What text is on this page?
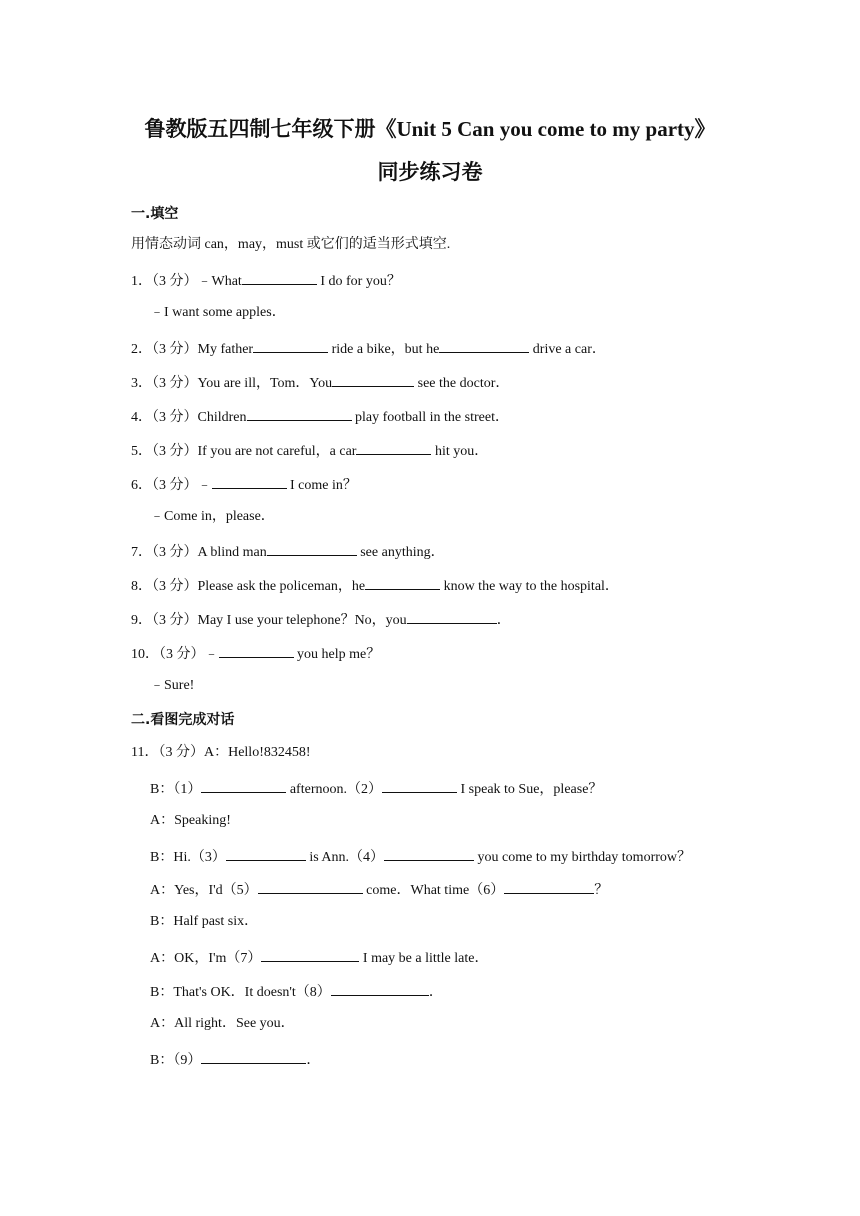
鲁教版五四制七年级下册《Unit 5 Can you come to my party》
同步练习卷
一.填空
用情态动词 can，may，must 或它们的适当形式填空.
1．（3 分）﹣What	I do for you？
﹣I want some apples．
2．（3 分）My father	ride a bike，but he	drive a car．
3．（3 分）You are ill，Tom．You	see the doctor．
4．（3 分）Children	play football in the street．
5．（3 分）If you are not careful，a car	hit you．
6．（3 分）﹣	I come in？
﹣Come in，please．
7．（3 分）A blind man	see anything．
8．（3 分）Please ask the policeman，he	know the way to the hospital．
9．（3 分）May I use your telephone？No，you	．
10．（3 分）﹣	you help me？
﹣Sure!
二.看图完成对话
11．（3 分）A：Hello!832458!
B：（1）	afternoon.（2）	I speak to Sue，please？
A：Speaking!
B：Hi.（3）	is Ann.（4）	you come to my birthday tomorrow？
A：Yes，I'd（5）	come．What time（6）	？
B：Half past six．
A：OK，I'm（7）	I may be a little late．
B：That's OK．It doesn't（8）	．
A：All right．See you．
B：（9）	．
